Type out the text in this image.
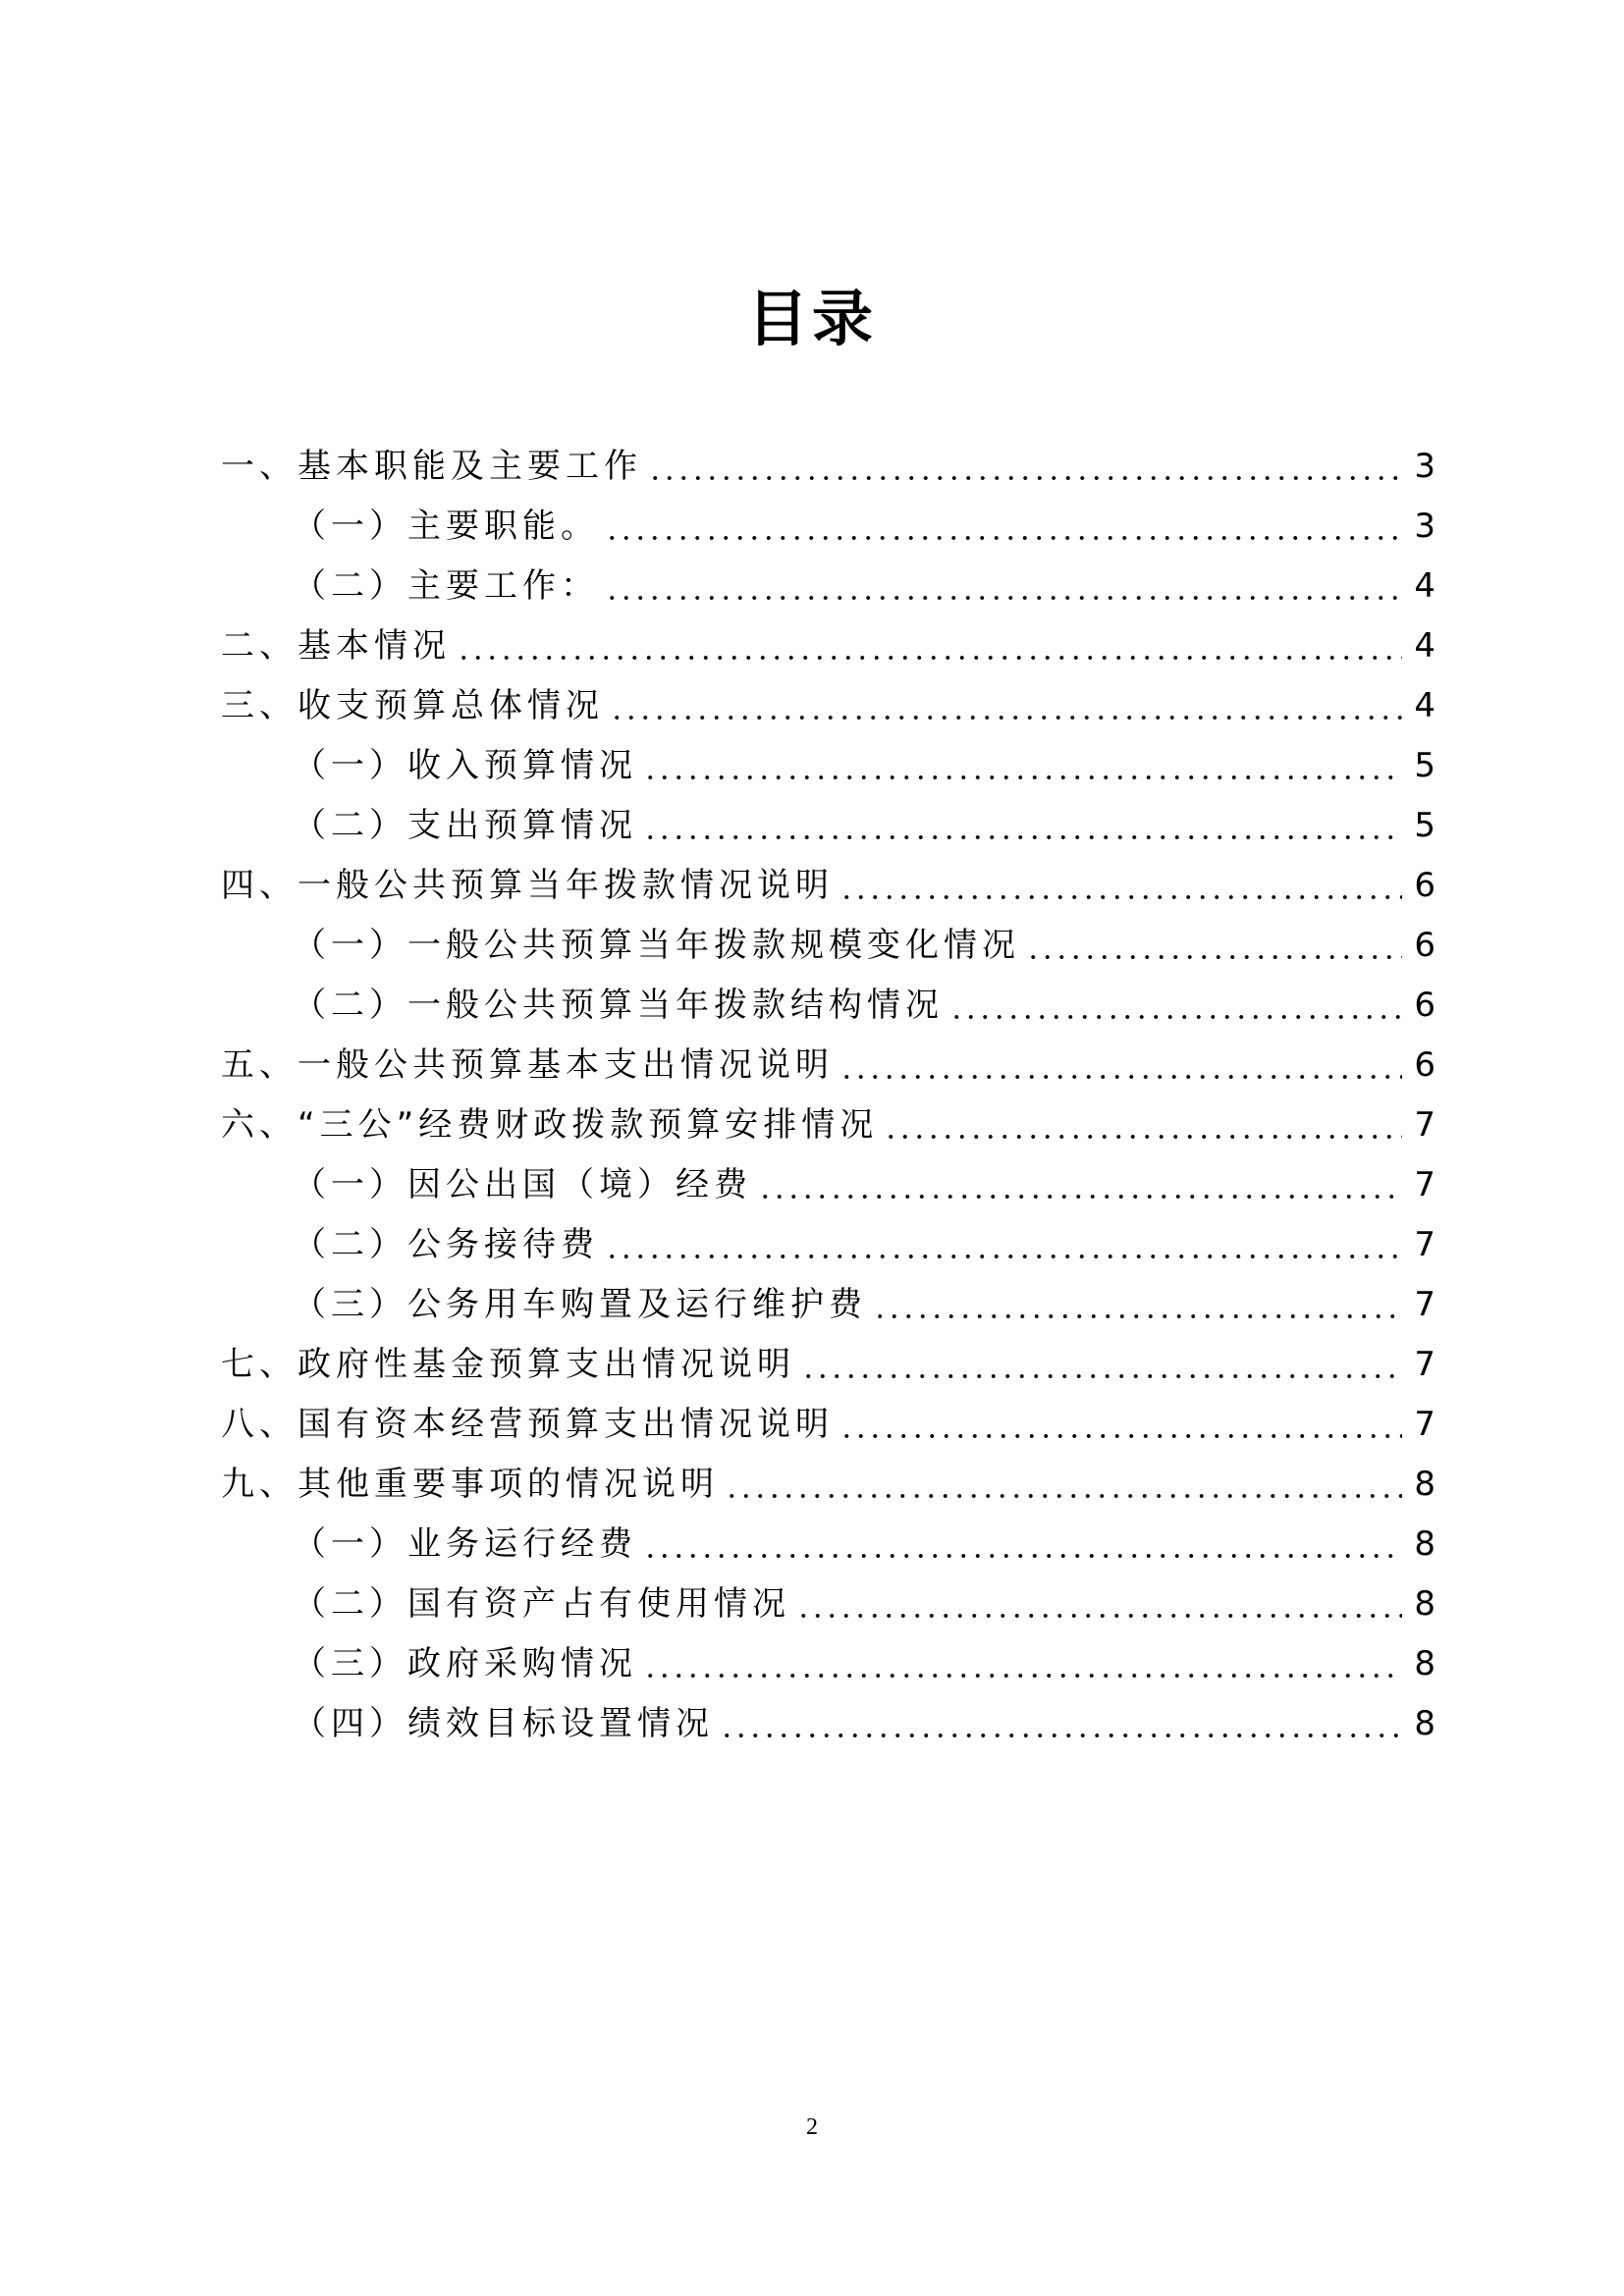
目录
一、基本职能及主要工作	3
（一）主要职能。	3
（二）主要工作：	4
二、基本情况	4
三、收支预算总体情况	4
（一）收入预算情况	5
（二）支出预算情况	5
四、一般公共预算当年拨款情况说明	6
（一）一般公共预算当年拨款规模变化情况	6
（二）一般公共预算当年拨款结构情况	6
五、一般公共预算基本支出情况说明	6
六、“三公”经费财政拨款预算安排情况	7
（一）因公出国（境）经费	7
（二）公务接待费	7
（三）公务用车购置及运行维护费	7
七、政府性基金预算支出情况说明	7
八、国有资本经营预算支出情况说明	7
九、其他重要事项的情况说明	8
（一）业务运行经费	8
（二）国有资产占有使用情况	8
（三）政府采购情况	8
（四）绩效目标设置情况	8
2
